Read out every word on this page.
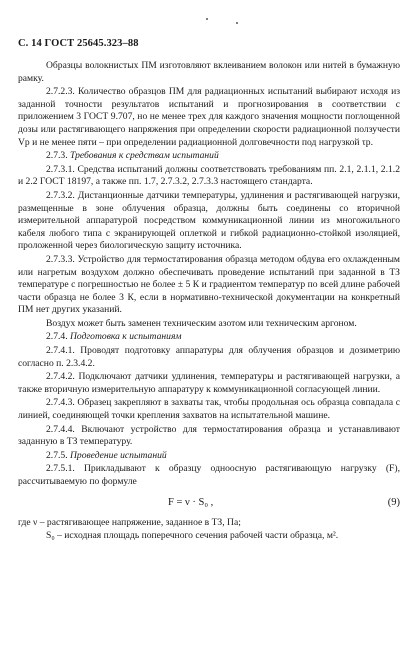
С. 14 ГОСТ 25645.323–88

Образцы волокнистых ПМ изготовляют вклеиванием волокон или нитей в бумажную рамку.

2.7.2.3. Количество образцов ПМ для радиационных испытаний выбирают исходя из заданной точности результатов испытаний и прогнозирования в соответствии с приложением 3 ГОСТ 9.707, но не менее трех для каждого значения мощности поглощенной дозы или растягивающего напряжения при определении скорости радиационной ползучести Vр и не менее пяти – при определении радиационной долговечности под нагрузкой τр.

2.7.3. Требования к средствам испытаний

2.7.3.1. Средства испытаний должны соответствовать требованиям пп. 2.1, 2.1.1, 2.1.2 и 2.2 ГОСТ 18197, а также пп. 1.7, 2.7.3.2, 2.7.3.3 настоящего стандарта.

2.7.3.2. Дистанционные датчики температуры, удлинения и растягивающей нагрузки, размещенные в зоне облучения образца, должны быть соединены со вторичной измерительной аппаратурой посредством коммуникационной линии из многожильного кабеля любого типа с экранирующей оплеткой и гибкой радиационно-стойкой изоляцией, проложенной через биологическую защиту источника.

2.7.3.3. Устройство для термостатирования образца методом обдува его охлажденным или нагретым воздухом должно обеспечивать проведение испытаний при заданной в ТЗ температуре с погрешностью не более ± 5 К и градиентом температур по всей длине рабочей части образца не более 3 К, если в нормативно-технической документации на конкретный ПМ нет других указаний.

Воздух может быть заменен техническим азотом или техническим аргоном.

2.7.4. Подготовка к испытаниям

2.7.4.1. Проводят подготовку аппаратуры для облучения образцов и дозиметрию согласно п. 2.3.4.2.

2.7.4.2. Подключают датчики удлинения, температуры и растягивающей нагрузки, а также вторичную измерительную аппаратуру к коммуникационной согласующей линии.

2.7.4.3. Образец закрепляют в захваты так, чтобы продольная ось образца совпадала с линией, соединяющей точки крепления захватов на испытательной машине.

2.7.4.4. Включают устройство для термостатирования образца и устанавливают заданную в ТЗ температуру.

2.7.5. Проведение испытаний

2.7.5.1. Прикладывают к образцу одноосную растягивающую нагрузку (F), рассчитываемую по формуле

F = ν · S₀ ,	(9)

где ν – растягивающее напряжение, заданное в ТЗ, Па;

S₀ – исходная площадь поперечного сечения рабочей части образца, м².
